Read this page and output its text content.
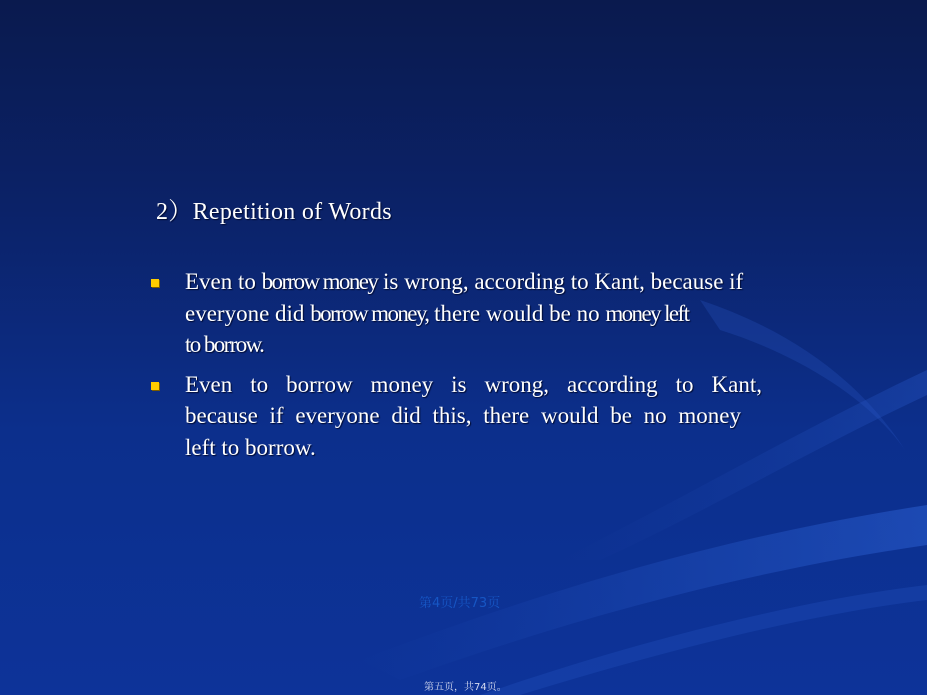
2）Repetition of Words
Even to borrow money is wrong, according to Kant, because if
everyone did borrow money, there would be no money left
to borrow.
Even to borrow money is wrong, according to Kant,
because if everyone did this, there would be no money
left to borrow.
第4页/共73页
第五页，共74页。
